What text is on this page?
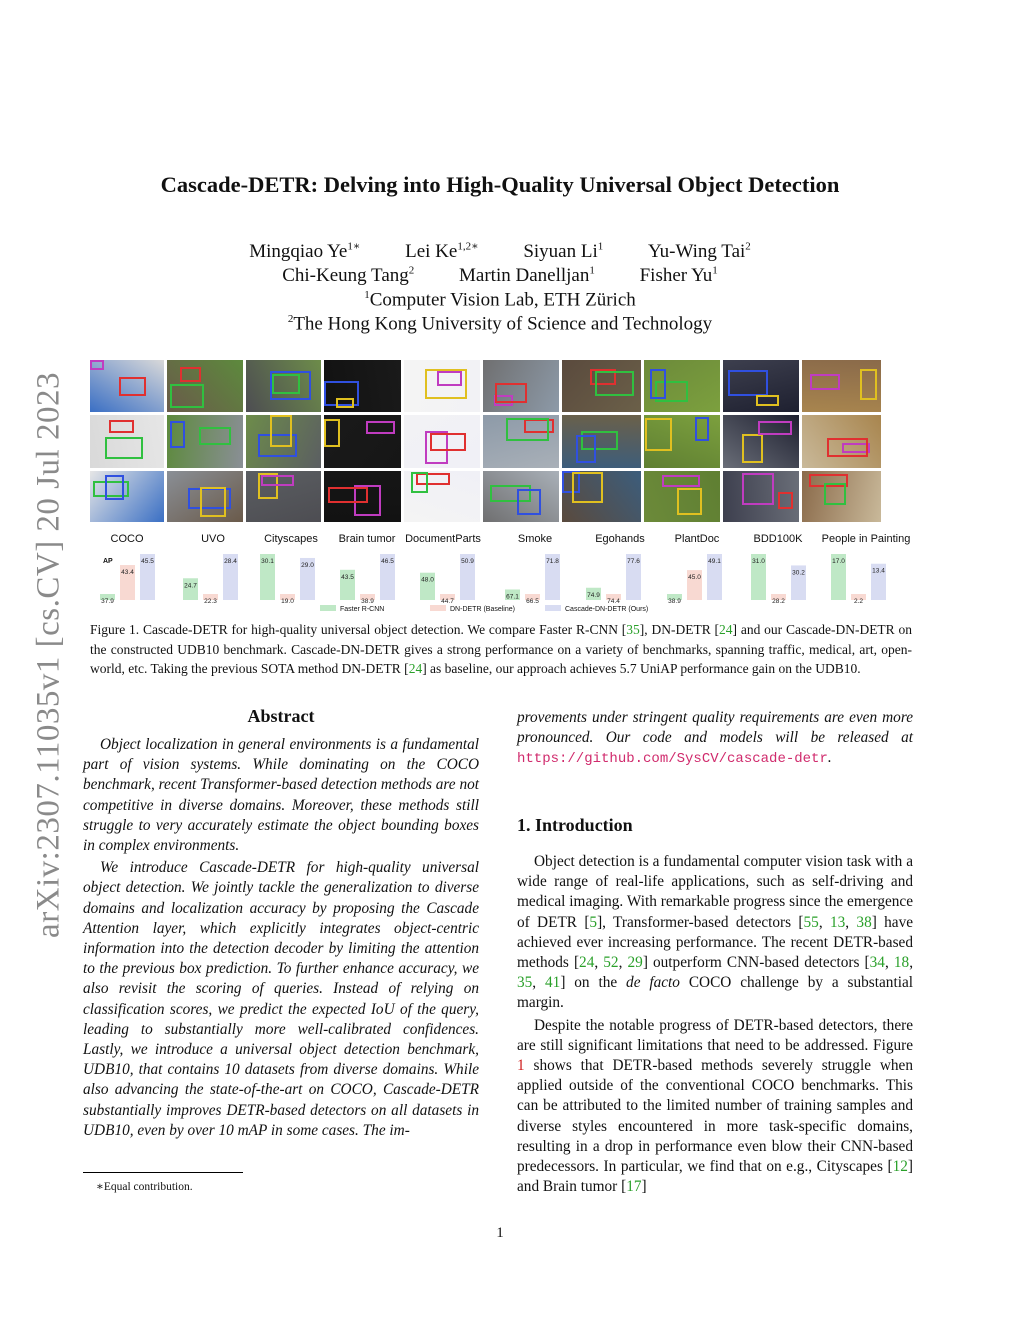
arXiv:2307.11035v1 [cs.CV] 20 Jul 2023
Cascade-DETR: Delving into High-Quality Universal Object Detection
Mingqiao $Ye^{1∗}$ Lei $Ke^{1,2∗}$ Siyuan Li$^1$ Yu-Wing Tai$^2$
Chi-Keung Tang$^2$ Martin Danelljan$^1$ Fisher Yu$^1$
$^1$Computer Vision Lab, ETH Zürich
$^2$The Hong Kong University of Science and Technology
COCO	UVO	Cityscapes	Brain tumor DocumentParts	Smoke	Egohands	PlantDoc	BDD100K	People in Painting
AP
37.9
43.4
45.5
24.7
22.3
28.4	30.1
19.0
29.0
43.5
38.9
46.5
48.0
44.7
50.9
67.1
66.5
71.8
74.9
74.4
77.6
38.9
45.0
49.1	31.0
28.2
30.2
17.0
2.2
13.4
Faster R-CNN	DN-DETR (Baseline)	Cascade-DN-DETR (Ours)
Figure 1. Cascade-DETR for high-quality universal object detection. We compare Faster R-CNN [35], DN-DETR [24] and our Cascade-DN-DETR on the constructed UDB10 benchmark. Cascade-DN-DETR gives a strong performance on a variety of benchmarks, spanning traffic, medical, art, open-world, etc. Taking the previous SOTA method DN-DETR [24] as baseline, our approach achieves 5.7 UniAP performance gain on the UDB10.
Abstract

Object localization in general environments is a fundamental part of vision systems. While dominating on the COCO benchmark, recent Transformer-based detection methods are not competitive in diverse domains. Moreover, these methods still struggle to very accurately estimate the object bounding boxes in complex environments.

We introduce Cascade-DETR for high-quality universal object detection. We jointly tackle the generalization to diverse domains and localization accuracy by proposing the Cascade Attention layer, which explicitly integrates object-centric information into the detection decoder by limiting the attention to the previous box prediction. To further enhance accuracy, we also revisit the scoring of queries. Instead of relying on classification scores, we predict the expected IoU of the query, leading to substantially more well-calibrated confidences. Lastly, we introduce a universal object detection benchmark, UDB10, that contains 10 datasets from diverse domains. While also advancing the state-of-the-art on COCO, Cascade-DETR substantially improves DETR-based detectors on all datasets in UDB10, even by over 10 mAP in some cases. The im-

∗Equal contribution.
provements under stringent quality requirements are even more pronounced. Our code and models will be released at https://github.com/SysCV/cascade-detr.
1. Introduction

Object detection is a fundamental computer vision task with a wide range of real-life applications, such as self-driving and medical imaging. With remarkable progress since the emergence of DETR [5], Transformer-based detectors [55, 13, 38] have achieved ever increasing performance. The recent DETR-based methods [24, 52, 29] outperform CNN-based detectors [34, 18, 35, 41] on the de facto COCO challenge by a substantial margin.

Despite the notable progress of DETR-based detectors, there are still significant limitations that need to be addressed. Figure 1 shows that DETR-based methods severely struggle when applied outside of the conventional COCO benchmarks. This can be attributed to the limited number of training samples and diverse styles encountered in more task-specific domains, resulting in a drop in performance even blow their CNN-based predecessors. In particular, we find that on e.g., Cityscapes [12] and Brain tumor [17]

1
